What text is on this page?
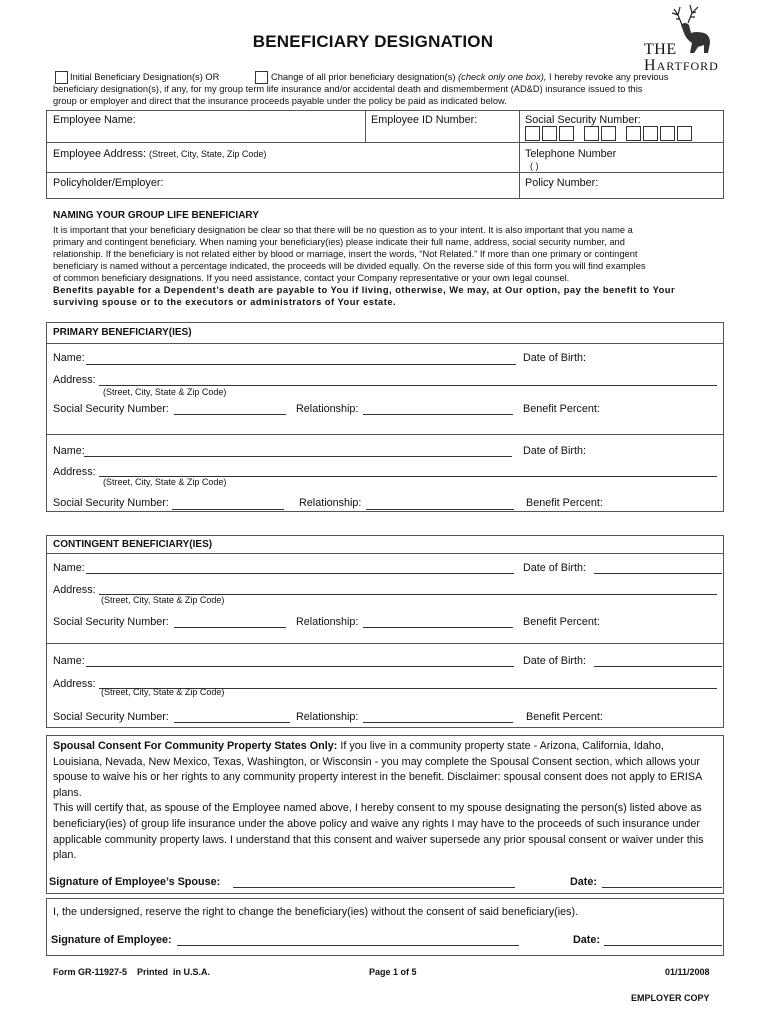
BENEFICIARY DESIGNATION	THE
HARTFORD
Initial Beneficiary Designation(s) OR	Change of all prior beneficiary designation(s) (check only one box), I hereby revoke any previous
beneficiary designation(s), if any, for my group term life insurance and/or accidental death and dismemberment (AD&D) insurance issued to this
group or employer and direct that the insurance proceeds payable under the policy be paid as indicated below.
Employee Name:	Employee ID Number:	Social Security Number:
Employee Address: (Street, City, State, Zip Code)	Telephone Number
( )
Policyholder/Employer:	Policy Number:
NAMING YOUR GROUP LIFE BENEFICIARY
It is important that your beneficiary designation be clear so that there will be no question as to your intent. It is also important that you name a
primary and contingent beneficiary. When naming your beneficiary(ies) please indicate their full name, address, social security number, and
relationship. If the beneficiary is not related either by blood or marriage, insert the words, “Not Related.” If more than one primary or contingent
beneficiary is named without a percentage indicated, the proceeds will be divided equally. On the reverse side of this form you will find examples
of common beneficiary designations. If you need assistance, contact your Company representative or your own legal counsel.
Benefits payable for a Dependent’s death are payable to You if living, otherwise, We may, at Our option, pay the benefit to Your
surviving spouse or to the executors or administrators of Your estate.
PRIMARY BENEFICIARY(IES)
Name:	Date of Birth:
Address:
(Street, City, State & Zip Code)
Social Security Number:	Relationship:	Benefit Percent:
Name:	Date of Birth:
Address:
(Street, City, State & Zip Code)
Social Security Number:	Relationship:	Benefit Percent:
CONTINGENT BENEFICIARY(IES)
Name:	Date of Birth:
Address:
(Street, City, State & Zip Code)
Social Security Number:	Relationship:	Benefit Percent:
Name:	Date of Birth:
Address:
(Street, City, State & Zip Code)
Social Security Number:	Relationship:	Benefit Percent:
Spousal Consent For Community Property States Only: If you live in a community property state - Arizona, California, Idaho, Louisiana, Nevada, New Mexico, Texas, Washington, or Wisconsin - you may complete the Spousal Consent section, which allows your spouse to waive his or her rights to any community property interest in the benefit. Disclaimer: spousal consent does not apply to ERISA plans.
This will certify that, as spouse of the Employee named above, I hereby consent to my spouse designating the person(s) listed above as beneficiary(ies) of group life insurance under the above policy and waive any rights I may have to the proceeds of such insurance under applicable community property laws. I understand that this consent and waiver supersede any prior spousal consent or waiver under this plan.
Signature of Employee’s Spouse:	Date:
I, the undersigned, reserve the right to change the beneficiary(ies) without the consent of said beneficiary(ies).
Signature of Employee:	Date:
Form GR-11927-5    Printed  in U.S.A.	Page 1 of 5	01/11/2008
EMPLOYER COPY
